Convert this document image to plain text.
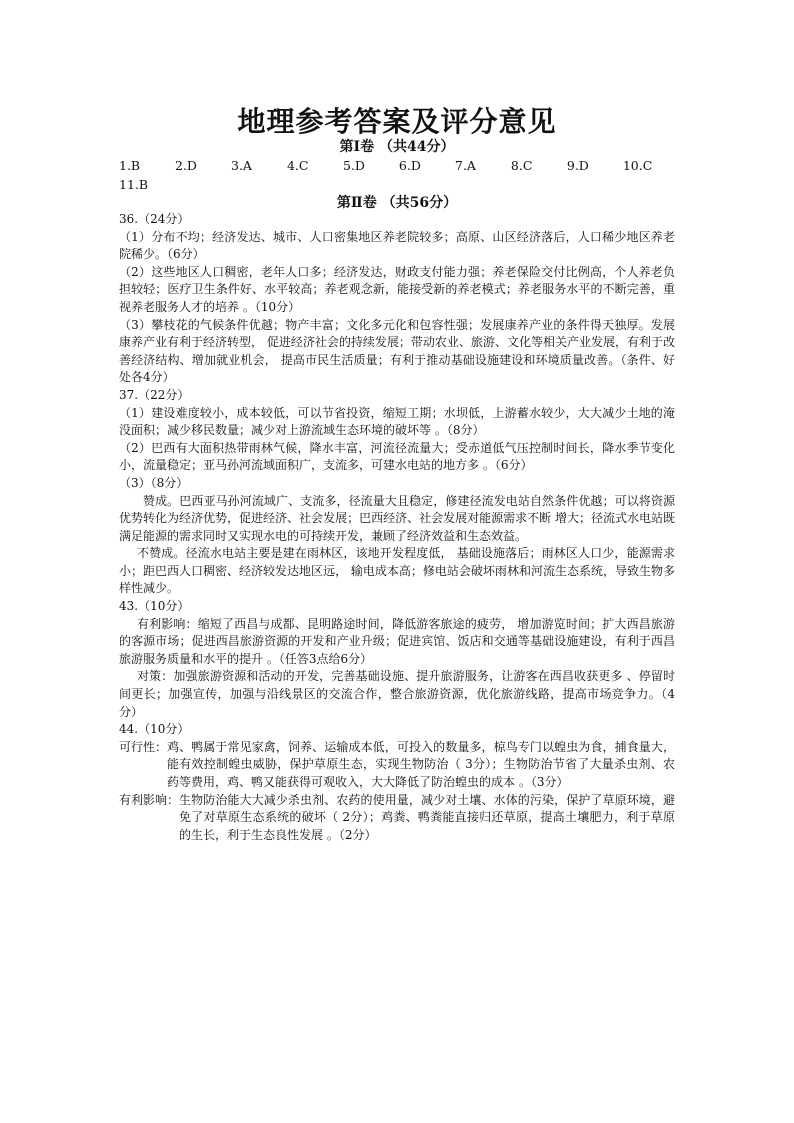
地理参考答案及评分意见
第Ⅰ卷 （共44分）
1.B	2.D	3.A	4.C	5.D	6.D	7.A	8.C	9.D	10.C
11.B
第Ⅱ卷 （共56分）

36.（24分）

（1）分布不均；经济发达、城市、人口密集地区养老院较多；高原、山区经济落后，人口稀少地区养老院稀少。（6分）

（2）这些地区人口稠密，老年人口多；经济发达，财政支付能力强；养老保险交付比例高，个人养老负担较轻；医疗卫生条件好、水平较高；养老观念新，能接受新的养老模式；养老服务水平的不断完善，重视养老服务人才的培养 。（10分）

（3）攀枝花的气候条件优越；物产丰富；文化多元化和包容性强；发展康养产业的条件得天独厚。发展康养产业有利于经济转型， 促进经济社会的持续发展；带动农业、旅游、文化等相关产业发展，有利于改善经济结构、增加就业机会， 提高市民生活质量；有利于推动基础设施建设和环境质量改善。（条件、好处各4分）

37.（22分）

（1）建设难度较小，成本较低，可以节省投资，缩短工期；水坝低，上游蓄水较少，大大减少土地的淹没面积；减少移民数量；减少对上游流域生态环境的破坏等 。（8分）

（2）巴西有大面积热带雨林气候，降水丰富，河流径流量大；受赤道低气压控制时间长，降水季节变化小，流量稳定；亚马孙河流域面积广，支流多，可建水电站的地方多 。（6分）

（3）（8分）

赞成。巴西亚马孙河流域广、支流多，径流量大且稳定，修建径流发电站自然条件优越；可以将资源优势转化为经济优势，促进经济、社会发展；巴西经济、社会发展对能源需求不断 增大；径流式水电站既满足能源的需求同时又实现水电的可持续开发，兼顾了经济效益和生态效益。

不赞成。径流水电站主要是建在雨林区，该地开发程度低， 基础设施落后；雨林区人口少，能源需求小；距巴西人口稠密、经济较发达地区远， 输电成本高；修电站会破坏雨林和河流生态系统，导致生物多样性减少。

43.（10分）

有利影响：缩短了西昌与成都、昆明路途时间，降低游客旅途的疲劳， 增加游览时间；扩大西昌旅游的客源市场；促进西昌旅游资源的开发和产业升级；促进宾馆、饭店和交通等基础设施建设，有利于西昌旅游服务质量和水平的提升 。（任答3点给6分）

对策：加强旅游资源和活动的开发，完善基础设施、提升旅游服务，让游客在西昌收获更多 、停留时间更长；加强宣传，加强与沿线景区的交流合作，整合旅游资源，优化旅游线路，提高市场竞争力。（4分）

44.（10分）

可行性： 鸡、鸭属于常见家禽，饲养、运输成本低，可投入的数量多，椋鸟专门以蝗虫为食，捕食量大，能有效控制蝗虫威胁，保护草原生态，实现生物防治（ 3分）；生物防治节省了大量杀虫剂、农药等费用，鸡、鸭又能获得可观收入，大大降低了防治蝗虫的成本 。（3分）
有利影响： 生物防治能大大减少杀虫剂、农药的使用量，减少对土壤、水体的污染，保护了草原环境，避免了对草原生态系统的破坏（ 2分）；鸡粪、鸭粪能直接归还草原，提高土壤肥力，利于草原的生长，利于生态良性发展 。（2分）
